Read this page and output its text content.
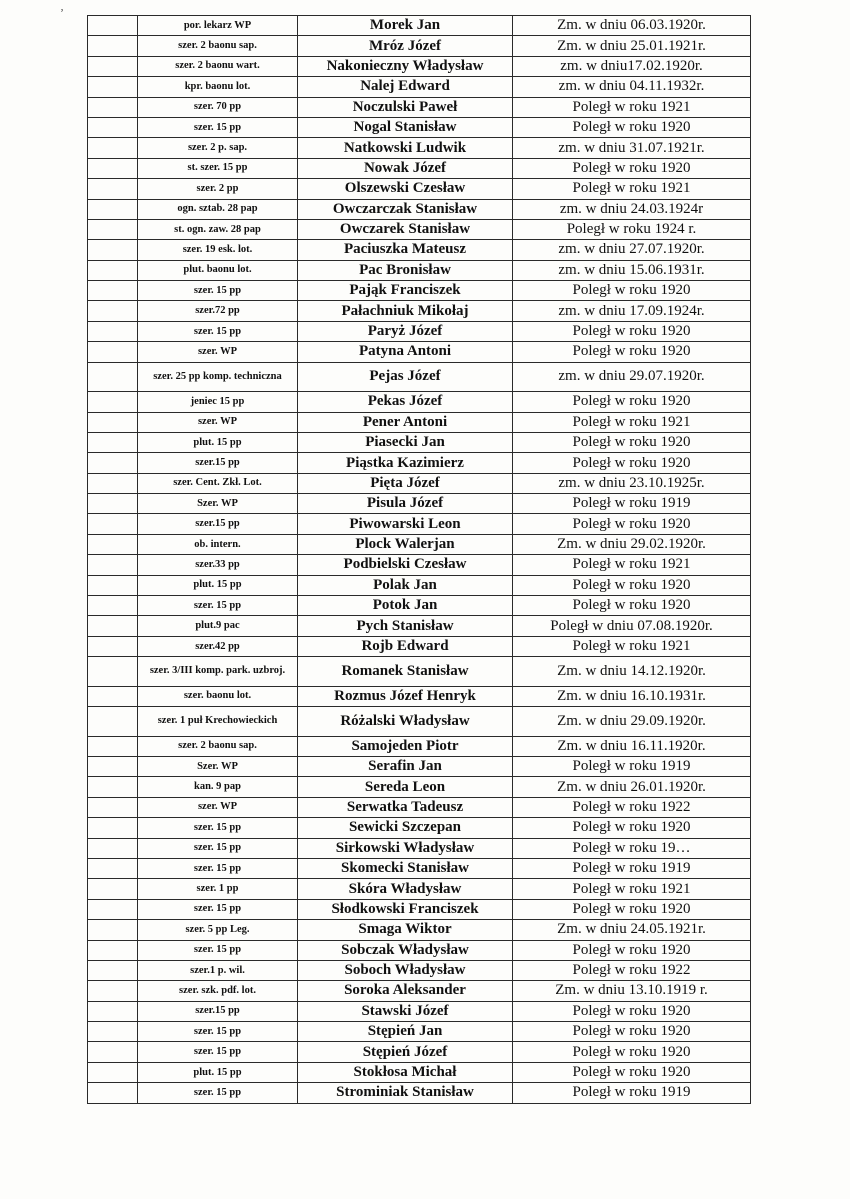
ʼ
	por. lekarz WP	Morek Jan	Zm. w dniu 06.03.1920r.
	szer. 2 baonu sap.	Mróz Józef	Zm. w dniu 25.01.1921r.
	szer. 2 baonu wart.	Nakonieczny Władysław	zm. w dniu17.02.1920r.
	kpr. baonu lot.	Nalej Edward	zm. w dniu 04.11.1932r.
	szer. 70 pp	Noczulski Paweł	Poległ w roku 1921
	szer. 15 pp	Nogal Stanisław	Poległ w roku 1920
	szer. 2 p. sap.	Natkowski Ludwik	zm. w dniu 31.07.1921r.
	st. szer. 15 pp	Nowak Józef	Poległ w roku 1920
	szer. 2 pp	Olszewski Czesław	Poległ w roku 1921
	ogn. sztab. 28 pap	Owczarczak Stanisław	zm. w dniu 24.03.1924r
	st. ogn. zaw. 28 pap	Owczarek Stanisław	Poległ w roku 1924 r.
	szer. 19 esk. lot.	Paciuszka Mateusz	zm. w dniu 27.07.1920r.
	plut. baonu lot.	Pac Bronisław	zm. w dniu 15.06.1931r.
	szer. 15 pp	Pająk Franciszek	Poległ w roku 1920
	szer.72 pp	Pałachniuk Mikołaj	zm. w dniu 17.09.1924r.
	szer. 15 pp	Paryż Józef	Poległ w roku 1920
	szer. WP	Patyna Antoni	Poległ w roku 1920
	szer. 25 pp komp. techniczna	Pejas Józef	zm. w dniu 29.07.1920r.
	jeniec 15 pp	Pekas Józef	Poległ w roku 1920
	szer. WP	Pener Antoni	Poległ w roku 1921
	plut. 15 pp	Piasecki Jan	Poległ w roku 1920
	szer.15 pp	Piąstka Kazimierz	Poległ w roku 1920
	szer. Cent. Zkł. Lot.	Pięta Józef	zm. w dniu 23.10.1925r.
	Szer. WP	Pisula Józef	Poległ w roku 1919
	szer.15 pp	Piwowarski Leon	Poległ w roku 1920
	ob. intern.	Plock Walerjan	Zm. w dniu 29.02.1920r.
	szer.33 pp	Podbielski Czesław	Poległ w roku 1921
	plut. 15 pp	Polak Jan	Poległ w roku 1920
	szer. 15 pp	Potok Jan	Poległ w roku 1920
	plut.9 pac	Pych Stanisław	Poległ w dniu 07.08.1920r.
	szer.42 pp	Rojb Edward	Poległ w roku 1921
	szer. 3/III komp. park. uzbroj.	Romanek Stanisław	Zm. w dniu 14.12.1920r.
	szer. baonu lot.	Rozmus Józef Henryk	Zm. w dniu 16.10.1931r.
	szer. 1 puł Krechowieckich	Różalski Władysław	Zm. w dniu 29.09.1920r.
	szer. 2 baonu sap.	Samojeden Piotr	Zm. w dniu 16.11.1920r.
	Szer. WP	Serafin Jan	Poległ w roku 1919
	kan. 9 pap	Sereda Leon	Zm. w dniu 26.01.1920r.
	szer. WP	Serwatka Tadeusz	Poległ w roku 1922
	szer. 15 pp	Sewicki Szczepan	Poległ w roku 1920
	szer. 15 pp	Sirkowski Władysław	Poległ w roku 19…
	szer. 15 pp	Skomecki Stanisław	Poległ w roku 1919
	szer. 1 pp	Skóra Władysław	Poległ w roku 1921
	szer. 15 pp	Słodkowski Franciszek	Poległ w roku 1920
	szer. 5 pp Leg.	Smaga Wiktor	Zm. w dniu 24.05.1921r.
	szer. 15 pp	Sobczak Władysław	Poległ w roku 1920
	szer.1 p. wil.	Soboch Władysław	Poległ w roku 1922
	szer. szk. pdf. lot.	Soroka Aleksander	Zm. w dniu 13.10.1919 r.
	szer.15 pp	Stawski Józef	Poległ w roku 1920
	szer. 15 pp	Stępień Jan	Poległ w roku 1920
	szer. 15 pp	Stępień Józef	Poległ w roku 1920
	plut. 15 pp	Stokłosa Michał	Poległ w roku 1920
	szer. 15 pp	Strominiak Stanisław	Poległ w roku 1919
